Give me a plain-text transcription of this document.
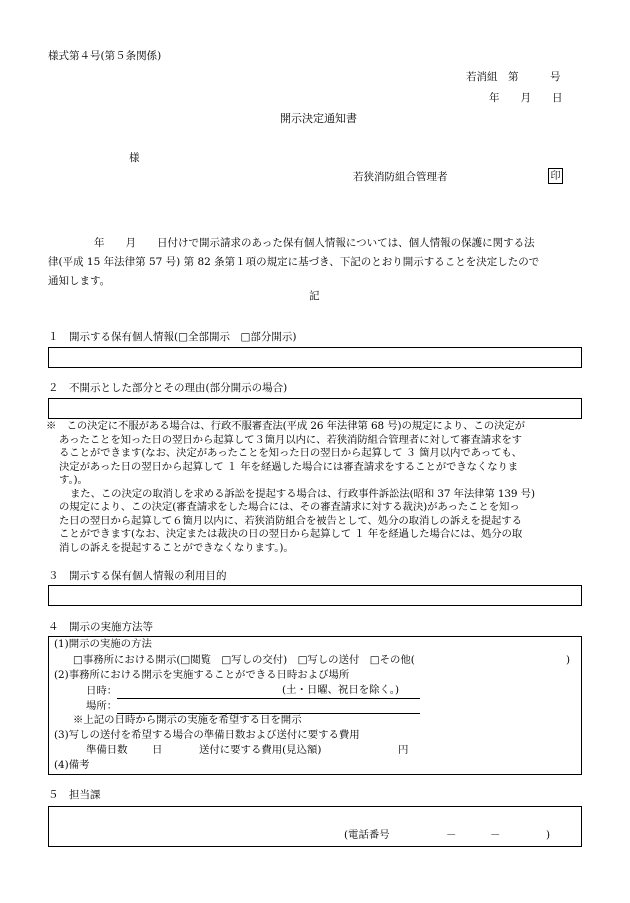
様式第４号(第５条関係)
若消組　第　　　号
年　　月　　日
開示決定通知書
様
若狭消防組合管理者	印
年　　月　　日付けで開示請求のあった保有個人情報については、個人情報の保護に関する法
律(平成 15 年法律第 57 号) 第 82 条第１項の規定に基づき、下記のとおり開示することを決定したので
通知します。
記
１　開示する保有個人情報(□全部開示　□部分開示)
２　不開示とした部分とその理由(部分開示の場合)
※　この決定に不服がある場合は、行政不服審査法(平成 26 年法律第 68 号)の規定により、この決定が
あったことを知った日の翌日から起算して３箇月以内に、若狭消防組合管理者に対して審査請求をす
ることができます(なお、決定があったことを知った日の翌日から起算して ３ 箇月以内であっても、
決定があった日の翌日から起算して １ 年を経過した場合には審査請求をすることができなくなりま
す。)。
また、この決定の取消しを求める訴訟を提起する場合は、行政事件訴訟法(昭和 37 年法律第 139 号)
の規定により、この決定(審査請求をした場合には、その審査請求に対する裁決)があったことを知っ
た日の翌日から起算して６箇月以内に、若狭消防組合を被告として、処分の取消しの訴えを提起する
ことができます(なお、決定または裁決の日の翌日から起算して １ 年を経過した場合には、処分の取
消しの訴えを提起することができなくなります。)。
３　開示する保有個人情報の利用目的
４　開示の実施方法等
(1)開示の実施の方法
□事務所における開示(□閲覧　□写しの交付)　□写しの送付　□その他(	)
(2)事務所における開示を実施することができる日時および場所
日時：	(土・日曜、祝日を除く。)
場所：
※上記の日時から開示の実施を希望する日を開示
(3)写しの送付を希望する場合の準備日数および送付に要する費用
準備日数 日	送付に要する費用(見込額)	円
(4)備考
５　担当課
(電話番号	－	－	)
